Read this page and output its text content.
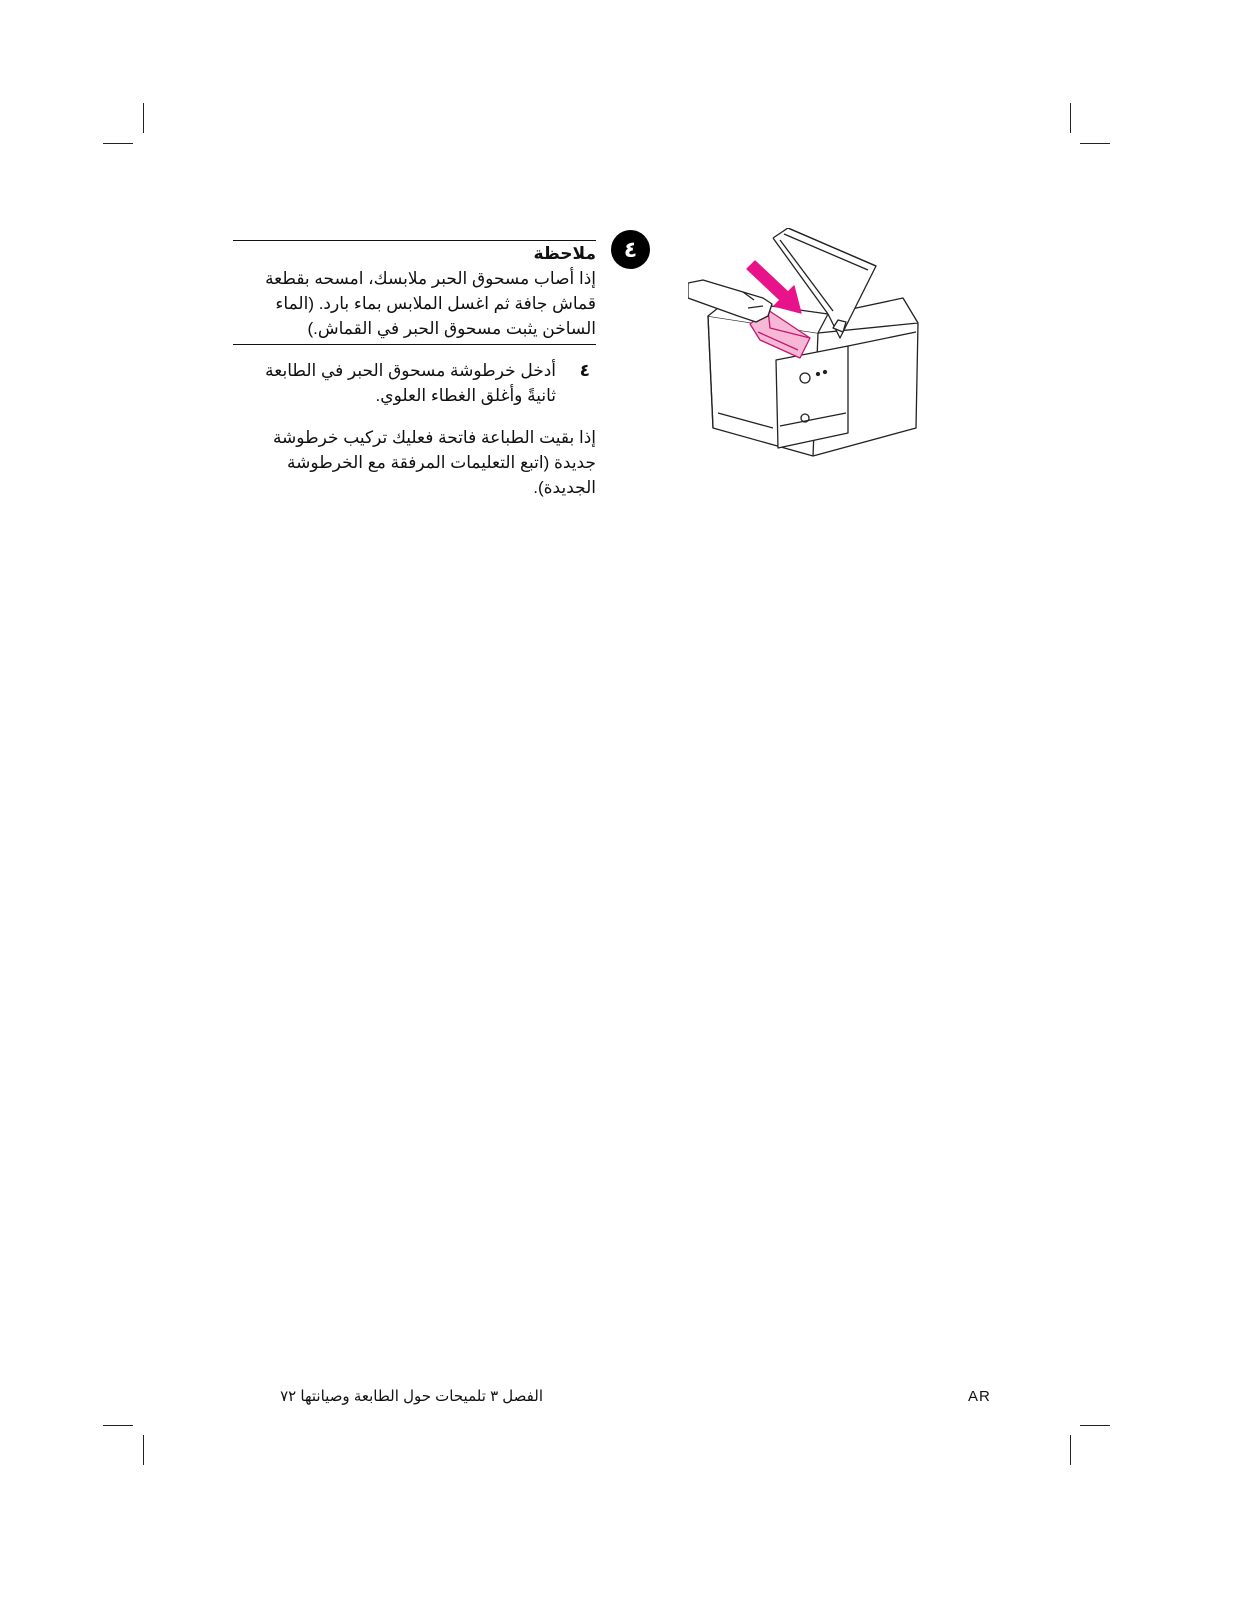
ملاحظة
إذا أصاب مسحوق الحبر ملابسك، امسحه بقطعة قماش جافة ثم اغسل الملابس بماء بارد. (الماء الساخن يثبت مسحوق الحبر في القماش.)
٤
أدخل خرطوشة مسحوق الحبر في الطابعة ثانيةً وأغلق الغطاء العلوي.
إذا بقيت الطباعة فاتحة فعليك تركيب خرطوشة جديدة (اتبع التعليمات المرفقة مع الخرطوشة الجديدة).
٤
الفصل ٣ تلميحات حول الطابعة وصيانتها ٧٢	AR
